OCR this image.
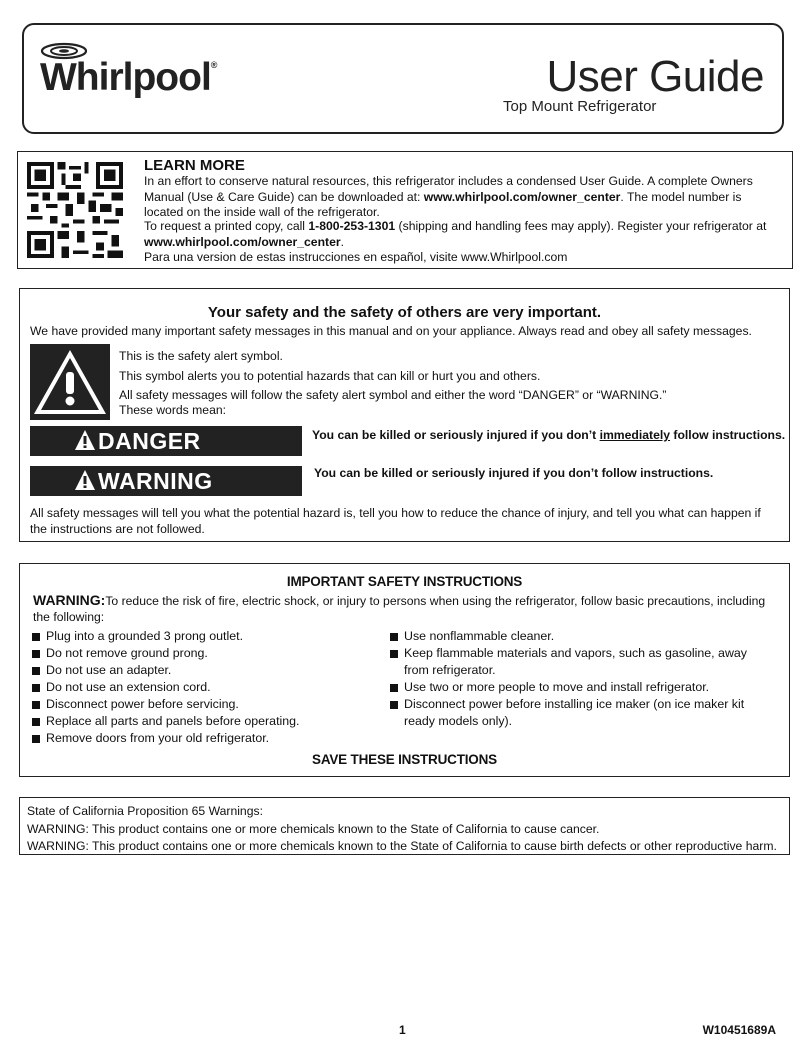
Whirlpool®	User Guide
Top Mount Refrigerator
LEARN MORE
In an effort to conserve natural resources, this refrigerator includes a condensed User Guide. A complete Owners Manual (Use & Care Guide) can be downloaded at: www.whirlpool.com/owner_center. The model number is located on the inside wall of the refrigerator.
To request a printed copy, call 1-800-253-1301 (shipping and handling fees may apply). Register your refrigerator at www.whirlpool.com/owner_center.
Para una version de estas instrucciones en español, visite www.Whirlpool.com
Your safety and the safety of others are very important.
We have provided many important safety messages in this manual and on your appliance. Always read and obey all safety messages.
This is the safety alert symbol.
This symbol alerts you to potential hazards that can kill or hurt you and others.
All safety messages will follow the safety alert symbol and either the word “DANGER” or “WARNING.”
These words mean:
DANGER	You can be killed or seriously injured if you don’t immediately follow instructions.
WARNING	You can be killed or seriously injured if you don’t follow instructions.
All safety messages will tell you what the potential hazard is, tell you how to reduce the chance of injury, and tell you what can happen if the instructions are not followed.
IMPORTANT SAFETY INSTRUCTIONS
WARNING:To reduce the risk of fire, electric shock, or injury to persons when using the refrigerator, follow basic precautions, including the following:
Plug into a grounded 3 prong outlet.
Do not remove ground prong.
Do not use an adapter.
Do not use an extension cord.
Disconnect power before servicing.
Replace all parts and panels before operating.
Remove doors from your old refrigerator.
Use nonflammable cleaner.
Keep flammable materials and vapors, such as gasoline, away from refrigerator.
Use two or more people to move and install refrigerator.
Disconnect power before installing ice maker (on ice maker kit ready models only).
SAVE THESE INSTRUCTIONS

State of California Proposition 65 Warnings:

WARNING: This product contains one or more chemicals known to the State of California to cause cancer.

WARNING: This product contains one or more chemicals known to the State of California to cause birth defects or other reproductive harm.

1	W10451689A
